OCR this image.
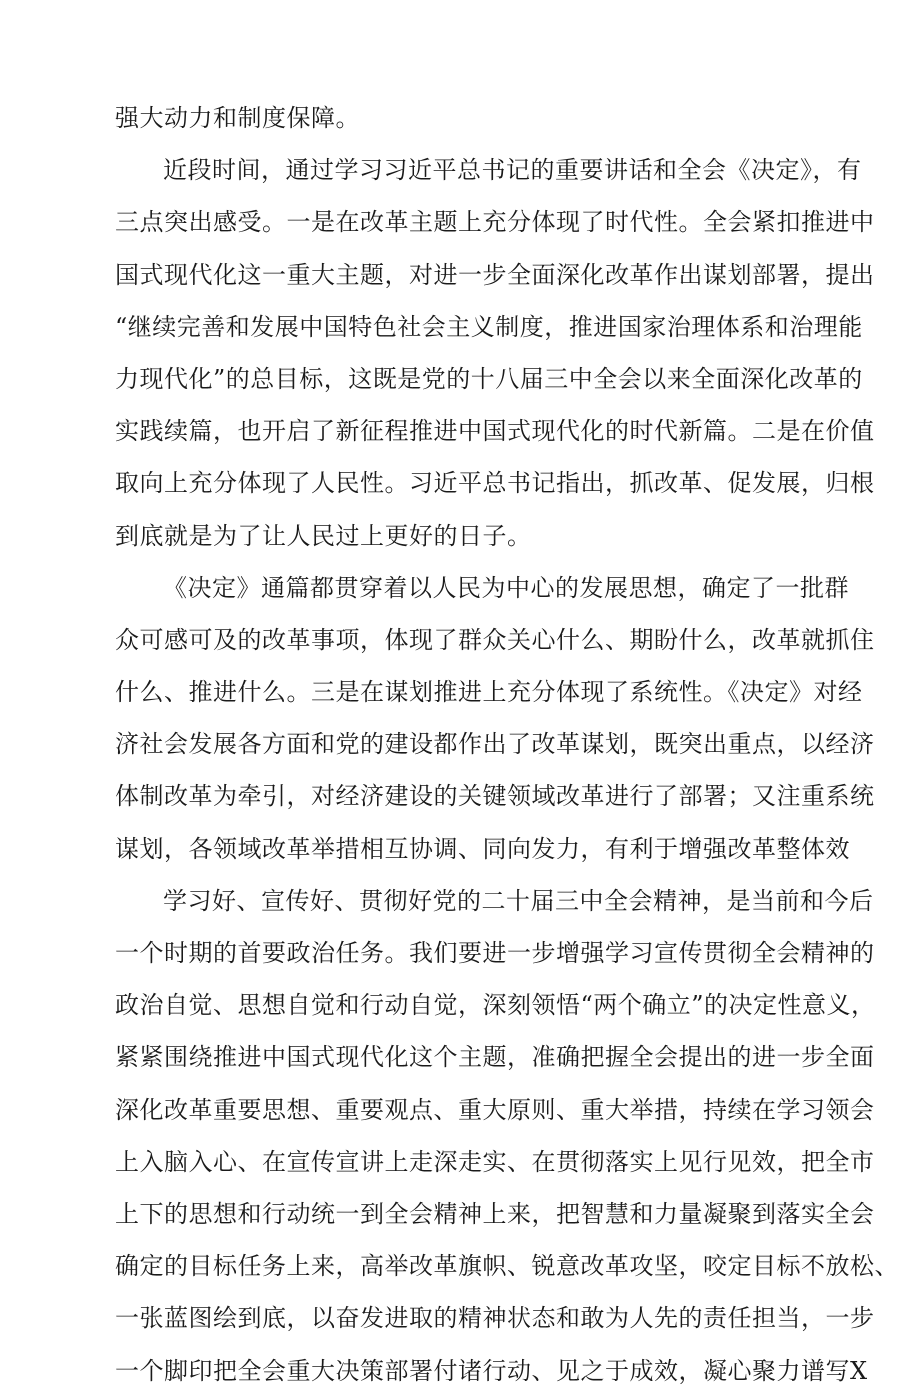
强大动力和制度保障。
近段时间，通过学习习近平总书记的重要讲话和全会《决定》，有
三点突出感受。一是在改革主题上充分体现了时代性。全会紧扣推进中
国式现代化这一重大主题，对进一步全面深化改革作出谋划部署，提出
“继续完善和发展中国特色社会主义制度，推进国家治理体系和治理能
力现代化”的总目标，这既是党的十八届三中全会以来全面深化改革的
实践续篇，也开启了新征程推进中国式现代化的时代新篇。二是在价值
取向上充分体现了人民性。习近平总书记指出，抓改革、促发展，归根
到底就是为了让人民过上更好的日子。
《决定》通篇都贯穿着以人民为中心的发展思想，确定了一批群
众可感可及的改革事项，体现了群众关心什么、期盼什么，改革就抓住
什么、推进什么。三是在谋划推进上充分体现了系统性。《决定》对经
济社会发展各方面和党的建设都作出了改革谋划，既突出重点，以经济
体制改革为牵引，对经济建设的关键领域改革进行了部署；又注重系统
谋划，各领域改革举措相互协调、同向发力，有利于增强改革整体效
学习好、宣传好、贯彻好党的二十届三中全会精神，是当前和今后
一个时期的首要政治任务。我们要进一步增强学习宣传贯彻全会精神的
政治自觉、思想自觉和行动自觉，深刻领悟“两个确立”的决定性意义，
紧紧围绕推进中国式现代化这个主题，准确把握全会提出的进一步全面
深化改革重要思想、重要观点、重大原则、重大举措，持续在学习领会
上入脑入心、在宣传宣讲上走深走实、在贯彻落实上见行见效，把全市
上下的思想和行动统一到全会精神上来，把智慧和力量凝聚到落实全会
确定的目标任务上来，高举改革旗帜、锐意改革攻坚，咬定目标不放松、
一张蓝图绘到底，以奋发进取的精神状态和敢为人先的责任担当，一步
一个脚印把全会重大决策部署付诸行动、见之于成效，凝心聚力谱写X
